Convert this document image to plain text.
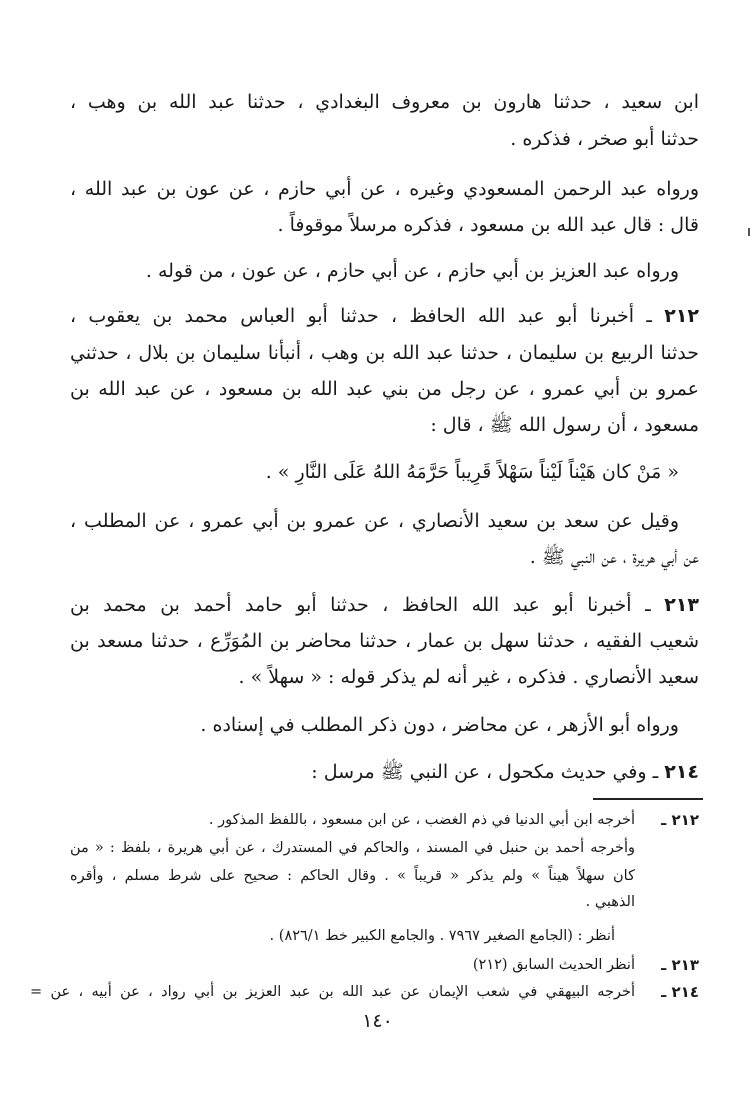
ابن سعيد ، حدثنا هارون بن معروف البغدادي ، حدثنا عبد الله بن وهب ،
حدثنا أبو صخر ، فذكره .
ورواه عبد الرحمن المسعودي وغيره ، عن أبي حازم ، عن عون بن عبد الله ،
قال : قال عبد الله بن مسعود ، فذكره مرسلاً موقوفاً .
ورواه عبد العزيز بن أبي حازم ، عن أبي حازم ، عن عون ، من قوله .
٢١٢ ـ أخبرنا أبو عبد الله الحافظ ، حدثنا أبو العباس محمد بن يعقوب ،
حدثنا الربيع بن سليمان ، حدثنا عبد الله بن وهب ، أنبأنا سليمان بن بلال ، حدثني
عمرو بن أبي عمرو ، عن رجل من بني عبد الله بن مسعود ، عن عبد الله بن
مسعود ، أن رسول الله ﷺ ، قال :
« مَنْ كان هَيْناً لَيْناً سَهْلاً قَرِيباً حَرَّمَهُ اللهُ عَلَى النَّارِ » .
وقيل عن سعد بن سعيد الأنصاري ، عن عمرو بن أبي عمرو ، عن المطلب ،
عن أبي هريرة ، عن النبي ﷺ .
٢١٣ ـ أخبرنا أبو عبد الله الحافظ ، حدثنا أبو حامد أحمد بن محمد بن
شعيب الفقيه ، حدثنا سهل بن عمار ، حدثنا محاضر بن المُوَرِّع ، حدثنا مسعد بن
سعيد الأنصاري . فذكره ، غير أنه لم يذكر قوله : « سهلاً » .
ورواه أبو الأزهر ، عن محاضر ، دون ذكر المطلب في إسناده .
٢١٤ ـ وفي حديث مكحول ، عن النبي ﷺ مرسل :
٢١٢ ـ
أخرجه ابن أبي الدنيا في ذم الغضب ، عن ابن مسعود ، باللفظ المذكور .
وأخرجه أحمد بن حنبل في المسند ، والحاكم في المستدرك ، عن أبي هريرة ، بلفظ : « من
كان سهلاً هيناً » ولم يذكر « قريباً » . وقال الحاكم : صحيح على شرط مسلم ، وأقره
الذهبي .
أنظر : (الجامع الصغير ٧٩٦٧ . والجامع الكبير خط ٨٢٦/١) .
٢١٣ ـ
أنظر الحديث السابق (٢١٢)
٢١٤ ـ
أخرجه البيهقي في شعب الإيمان عن عبد الله بن عبد العزيز بن أبي رواد ، عن أبيه ، عن =
١٤٠
